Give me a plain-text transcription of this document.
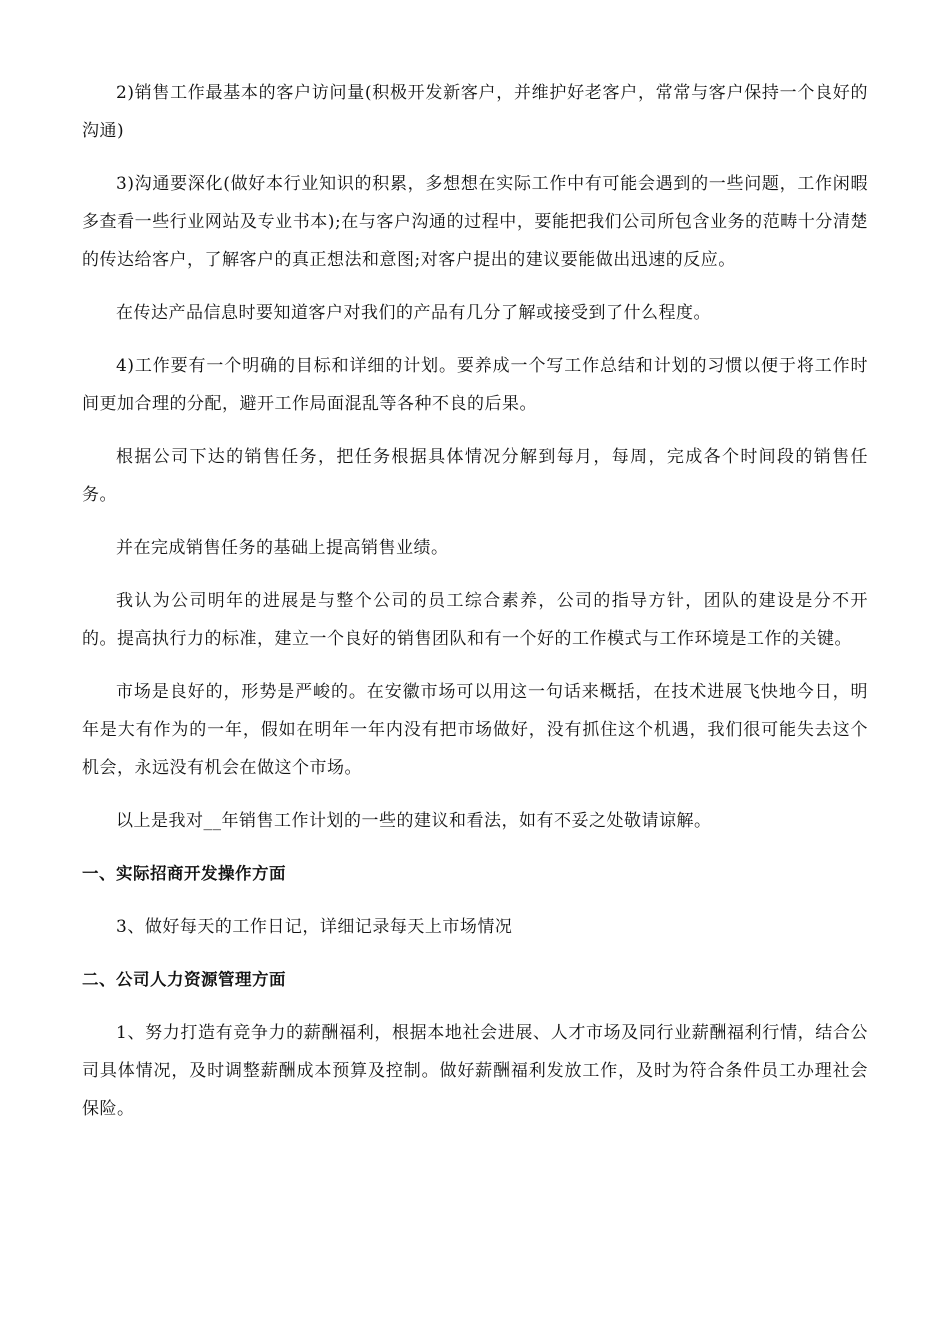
2)销售工作最基本的客户访问量(积极开发新客户，并维护好老客户，常常与客户保持一个良好的沟通)

3)沟通要深化(做好本行业知识的积累，多想想在实际工作中有可能会遇到的一些问题，工作闲暇多查看一些行业网站及专业书本);在与客户沟通的过程中，要能把我们公司所包含业务的范畴十分清楚的传达给客户，了解客户的真正想法和意图;对客户提出的建议要能做出迅速的反应。

在传达产品信息时要知道客户对我们的产品有几分了解或接受到了什么程度。

4)工作要有一个明确的目标和详细的计划。要养成一个写工作总结和计划的习惯以便于将工作时间更加合理的分配，避开工作局面混乱等各种不良的后果。

根据公司下达的销售任务，把任务根据具体情况分解到每月，每周，完成各个时间段的销售任务。

并在完成销售任务的基础上提高销售业绩。

我认为公司明年的进展是与整个公司的员工综合素养，公司的指导方针，团队的建设是分不开的。提高执行力的标准，建立一个良好的销售团队和有一个好的工作模式与工作环境是工作的关键。

市场是良好的，形势是严峻的。在安徽市场可以用这一句话来概括，在技术进展飞快地今日，明年是大有作为的一年，假如在明年一年内没有把市场做好，没有抓住这个机遇，我们很可能失去这个机会，永远没有机会在做这个市场。

以上是我对__年销售工作计划的一些的建议和看法，如有不妥之处敬请谅解。

一、实际招商开发操作方面

3、做好每天的工作日记，详细记录每天上市场情况

二、公司人力资源管理方面

1、努力打造有竞争力的薪酬福利，根据本地社会进展、人才市场及同行业薪酬福利行情，结合公司具体情况，及时调整薪酬成本预算及控制。做好薪酬福利发放工作，及时为符合条件员工办理社会保险。
